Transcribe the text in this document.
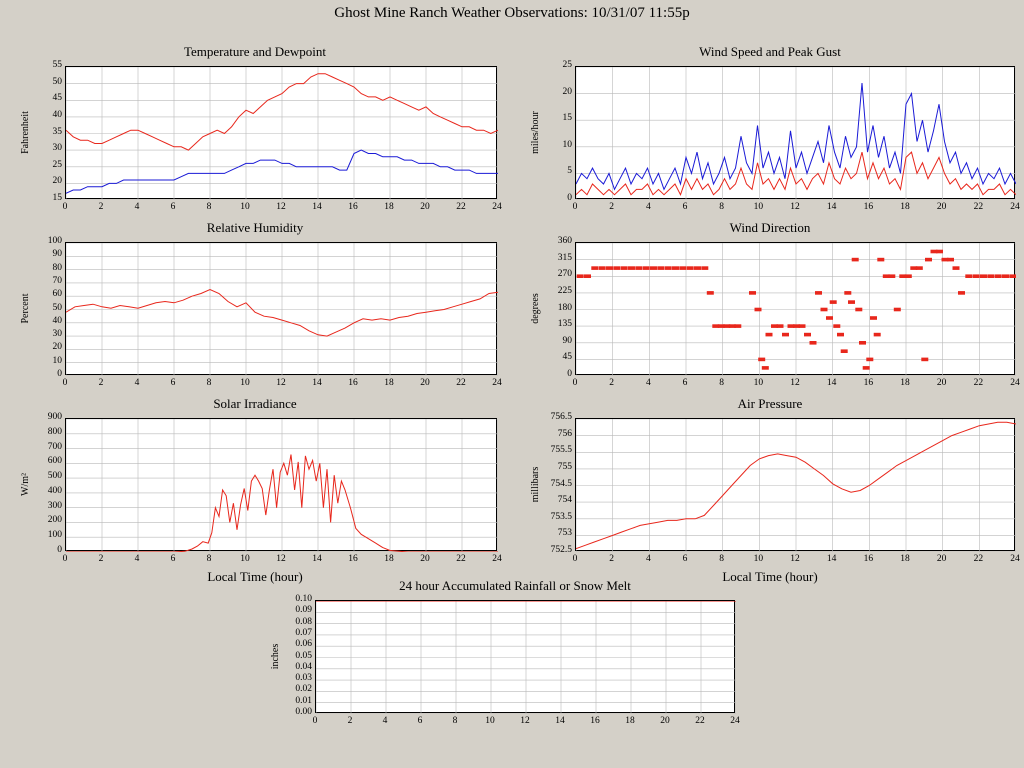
Ghost Mine Ranch Weather Observations: 10/31/07 11:55p
Temperature and Dewpoint
15
20
25
30
35
40
45
50
55
0	2	4	6	8	10	12	14	16	18	20	22	24
Fahrenheit
Wind Speed and Peak Gust
0
5
10
15
20
25
0	2	4	6	8	10	12	14	16	18	20	22	24
miles/hour
Relative Humidity
0
10
20
30
40
50
60
70
80
90
100
0	2	4	6	8	10	12	14	16	18	20	22	24
Percent
Wind Direction
0
45
90
135
180
225
270
315
360
0	2	4	6	8	10	12	14	16	18	20	22	24
degrees
Solar Irradiance
0
100
200
300
400
500
600
700
800
900
0	2	4	6	8	10	12	14	16	18	20	22	24
W/m²
Local Time (hour)
Air Pressure
752.5
753
753.5
754
754.5
755
755.5
756
756.5
0	2	4	6	8	10	12	14	16	18	20	22	24
millibars
Local Time (hour)
24 hour Accumulated Rainfall or Snow Melt
0.10
0.09
0.08
0.07
0.06
0.05
0.04
0.03
0.02
0.01
0.00
0	2	4	6	8	10	12	14	16	18	20	22	24
inches
